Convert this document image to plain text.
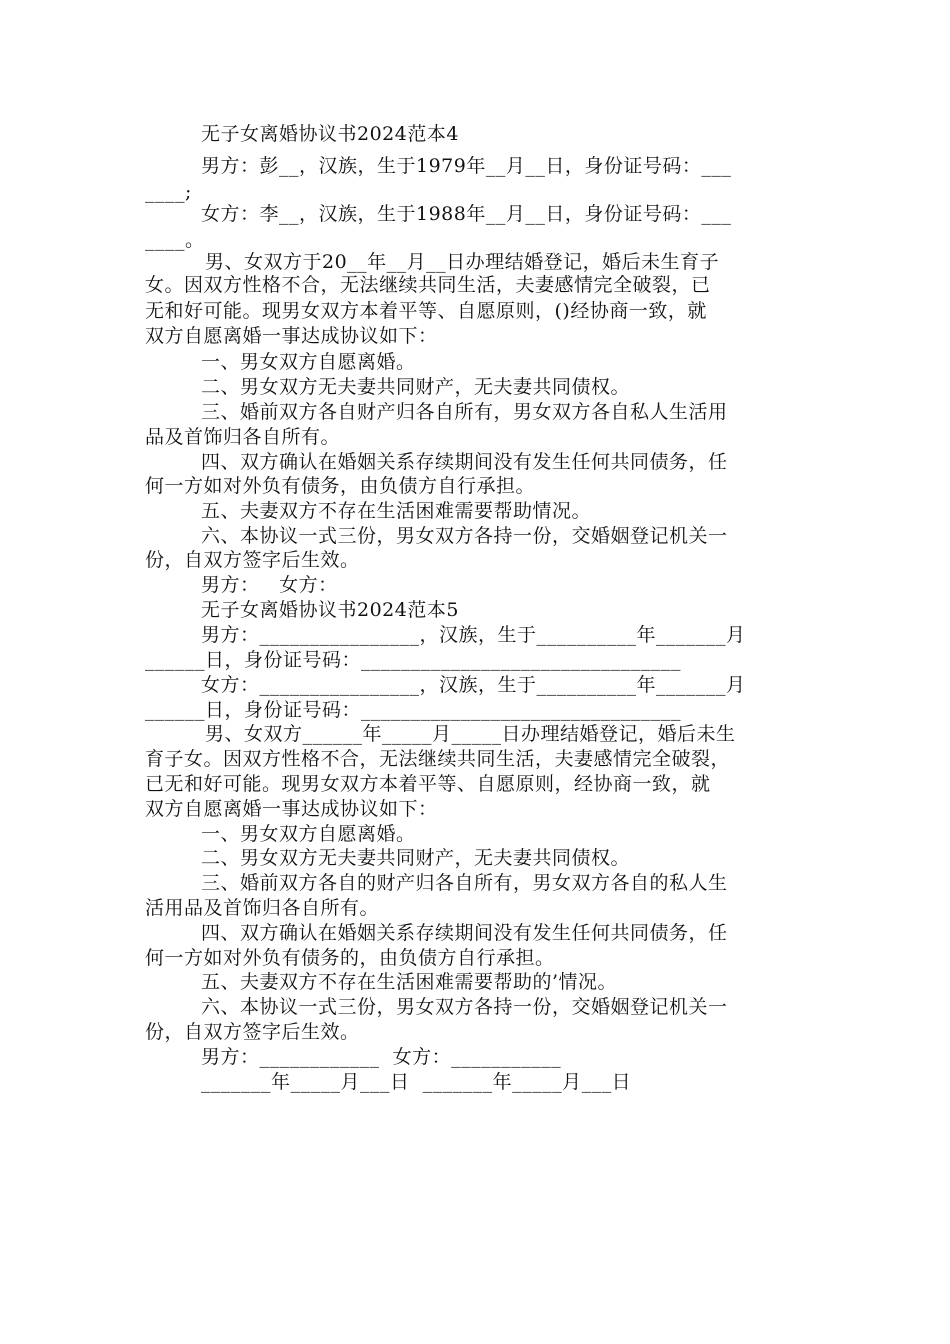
无子女离婚协议书2024范本4
男方：彭__，汉族，生于1979年__月__日，身份证号码：___
____;
女方：李__，汉族，生于1988年__月__日，身份证号码：___
____。
男、女双方于20__年__月__日办理结婚登记，婚后未生育子
女。因双方性格不合，无法继续共同生活，夫妻感情完全破裂，已
无和好可能。现男女双方本着平等、自愿原则，()经协商一致，就
双方自愿离婚一事达成协议如下：
一、男女双方自愿离婚。
二、男女双方无夫妻共同财产，无夫妻共同债权。
三、婚前双方各自财产归各自所有，男女双方各自私人生活用
品及首饰归各自所有。
四、双方确认在婚姻关系存续期间没有发生任何共同债务，任
何一方如对外负有债务，由负债方自行承担。
五、夫妻双方不存在生活困难需要帮助情况。
六、本协议一式三份，男女双方各持一份，交婚姻登记机关一
份，自双方签字后生效。
男方：   女方：
无子女离婚协议书2024范本5
男方：________________，汉族，生于__________年_______月
______日，身份证号码：________________________________
女方：________________，汉族，生于__________年_______月
______日，身份证号码：________________________________
男、女双方______年_____月_____日办理结婚登记，婚后未生
育子女。因双方性格不合，无法继续共同生活，夫妻感情完全破裂，
已无和好可能。现男女双方本着平等、自愿原则，经协商一致，就
双方自愿离婚一事达成协议如下：
一、男女双方自愿离婚。
二、男女双方无夫妻共同财产，无夫妻共同债权。
三、婚前双方各自的财产归各自所有，男女双方各自的私人生
活用品及首饰归各自所有。
四、双方确认在婚姻关系存续期间没有发生任何共同债务，任
何一方如对外负有债务的，由负债方自行承担。
五、夫妻双方不存在生活困难需要帮助的’情况。
六、本协议一式三份，男女双方各持一份，交婚姻登记机关一
份，自双方签字后生效。
男方：____________  女方：___________
_______年_____月___日  _______年_____月___日
